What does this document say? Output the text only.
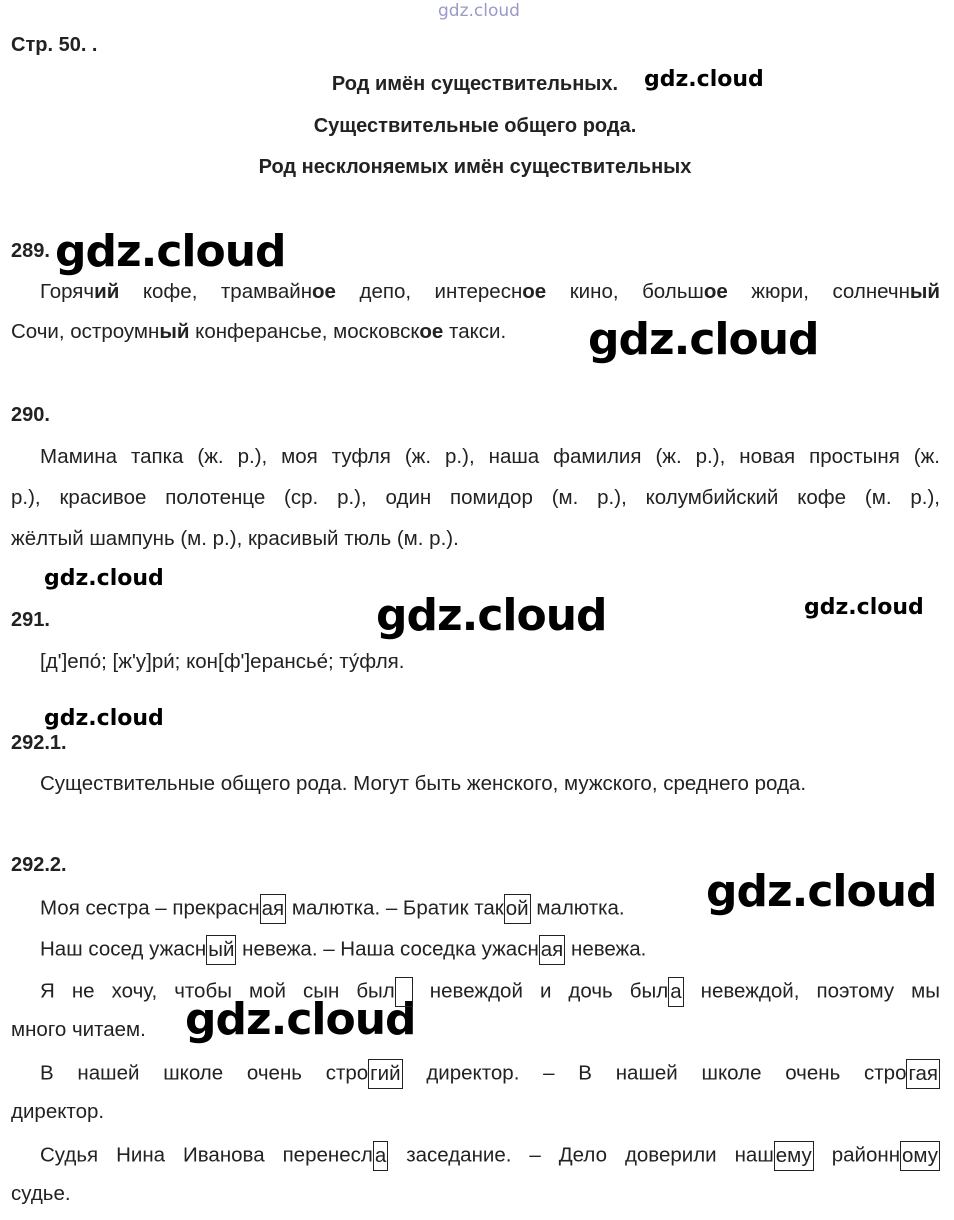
gdz.cloud
gdz.cloud
gdz.cloud
gdz.cloud
gdz.cloud
gdz.cloud	gdz.cloud
gdz.cloud
gdz.cloud
gdz.cloud
Стр. 50. .
Род имён существительных.
Существительные общего рода.
Род несклоняемых имён существительных
289.
Горячий кофе, трамвайное депо, интересное кино, большое жюри, солнечный
Сочи, остроумный конферансье, московское такси.
290.
Мамина тапка (ж. р.), моя туфля (ж. р.), наша фамилия (ж. р.), новая простыня (ж.
р.), красивое полотенце (ср. р.), один помидор (м. р.), колумбийский кофе (м. р.),
жёлтый шампунь (м. р.), красивый тюль (м. р.).
291.
[д']епо́; [ж'у]ри́; кон[ф']ерансье́; ту́фля.
292.1.
Существительные общего рода. Могут быть женского, мужского, среднего рода.
292.2.
Моя сестра – прекрасная малютка. – Братик такой малютка.
Наш сосед ужасный невежа. – Наша соседка ужасная невежа.
Я не хочу, чтобы мой сын был невеждой и дочь была невеждой, поэтому мы
много читаем.
В нашей школе очень строгий директор. – В нашей школе очень строгая
директор.
Судья Нина Иванова перенесла заседание. – Дело доверили нашему районному
судье.
